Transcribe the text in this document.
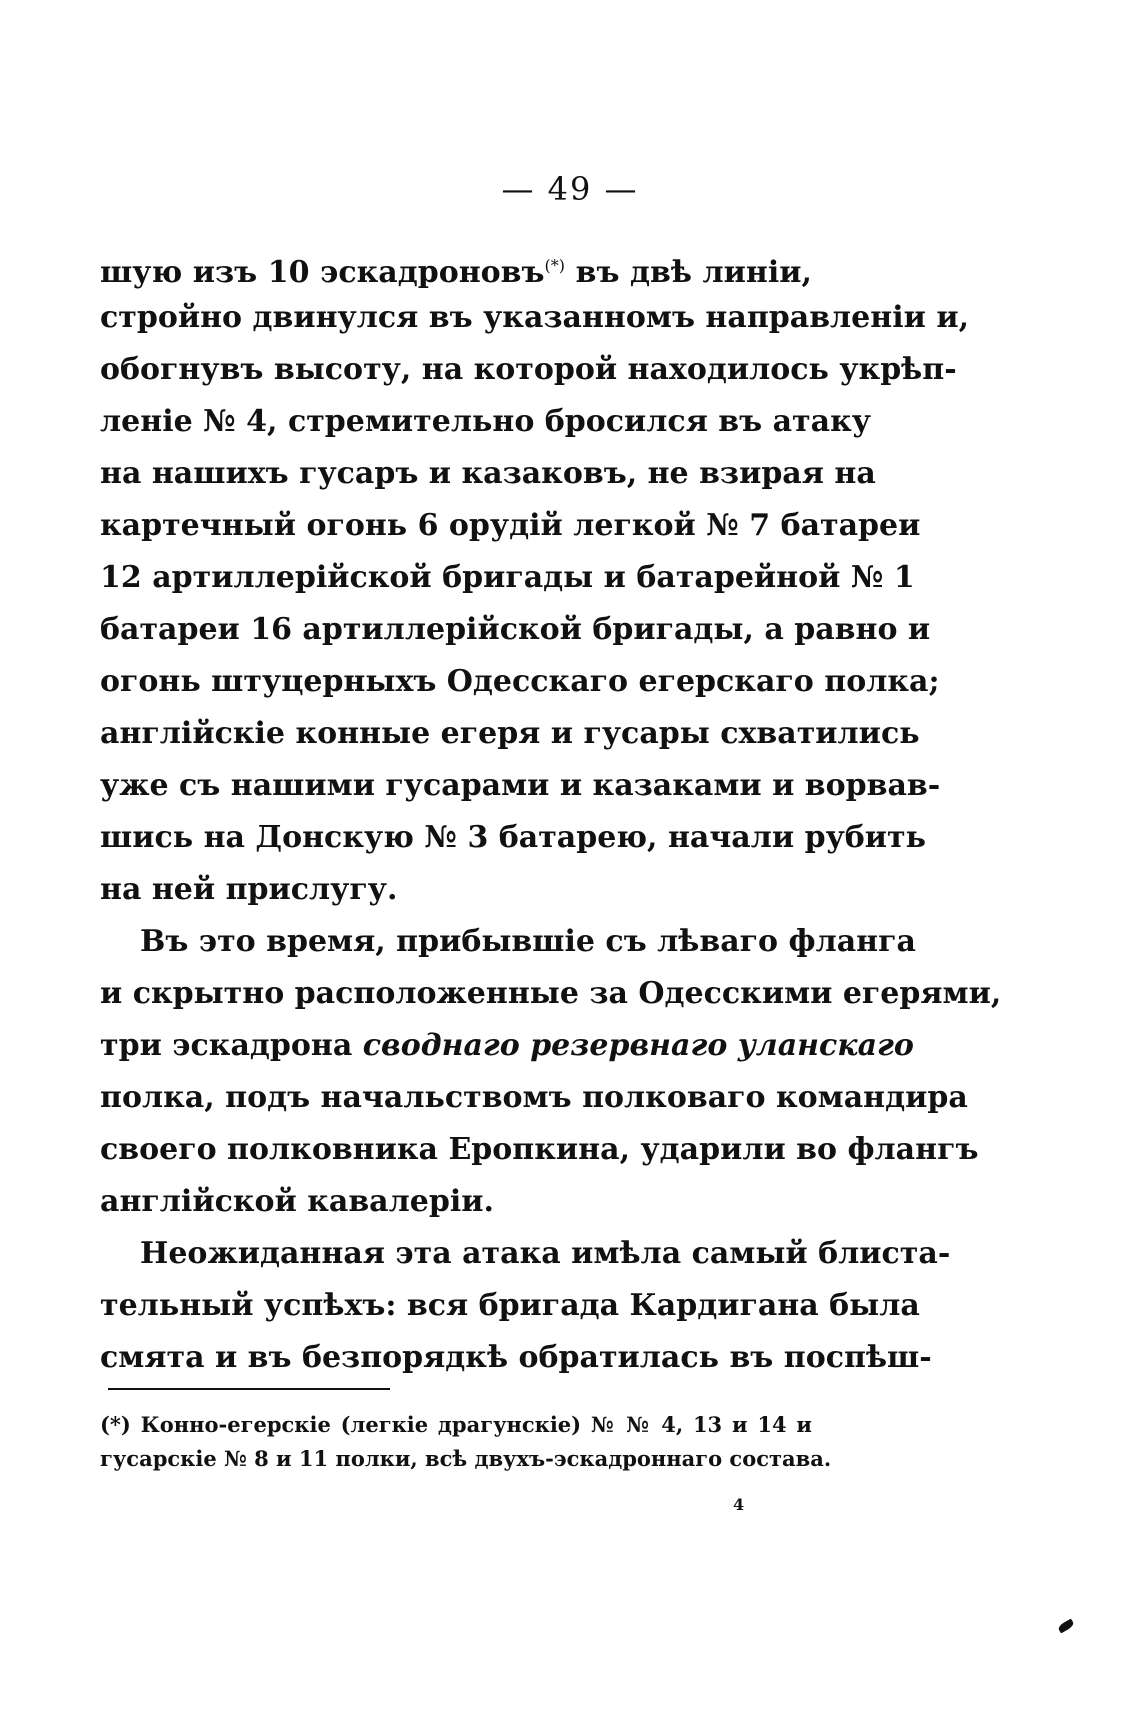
— 49 —
шую изъ 10 эскадроновъ(*) въ двѣ линіи,
стройно двинулся въ указанномъ направленіи и,
обогнувъ высоту, на которой находилось укрѣп-
леніе № 4, стремительно бросился въ атаку
на нашихъ гусаръ и казаковъ, не взирая на
картечный огонь 6 орудій легкой № 7 батареи
12 артиллерійской бригады и батарейной № 1
батареи 16 артиллерійской бригады, а равно и
огонь штуцерныхъ Одесскаго егерскаго полка;
англійскіе конные егеря и гусары схватились
уже съ нашими гусарами и казаками и ворвав-
шись на Донскую № 3 батарею, начали рубить
на ней прислугу.
Въ это время, прибывшіе съ лѣваго фланга
и скрытно расположенные за Одесскими егерями,
три эскадрона своднаго резервнаго уланскаго
полка, подъ начальствомъ полковаго командира
своего полковника Еропкина, ударили во флангъ
англійской кавалеріи.
Неожиданная эта атака имѣла самый блиста-
тельный успѣхъ: вся бригада Кардигана была
смята и въ безпорядкѣ обратилась въ поспѣш-
(*) Конно-егерскіе (легкіе драгунскіе) № № 4, 13 и 14 и
гусарскіе № 8 и 11 полки, всѣ двухъ-эскадроннаго состава.
4
